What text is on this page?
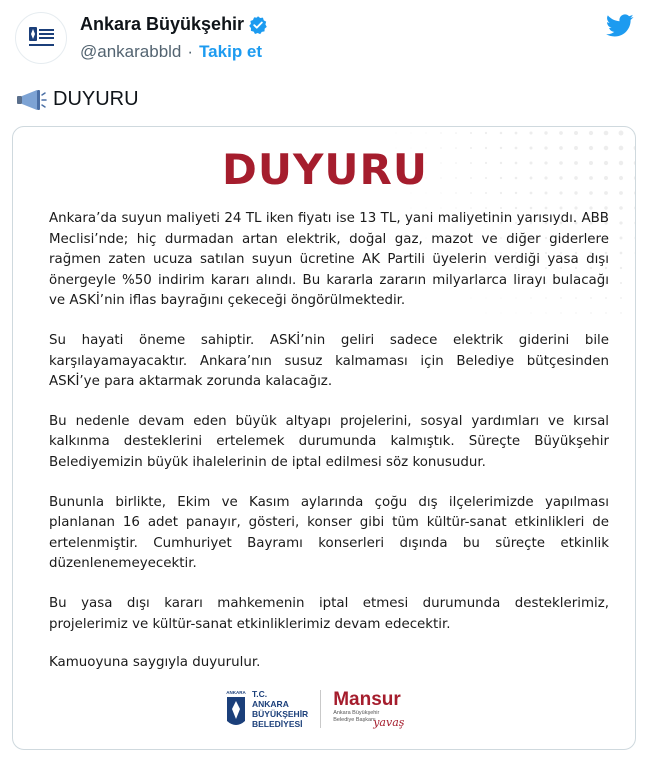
Ankara Büyükşehir
@ankarabbld · Takip et
DUYURU
DUYURU

Ankara’da suyun maliyeti 24 TL iken fiyatı ise 13 TL, yani maliyetinin yarısıydı. ABB Meclisi’nde; hiç durmadan artan elektrik, doğal gaz, mazot ve diğer giderlere rağmen zaten ucuza satılan suyun ücretine AK Partili üyelerin verdiği yasa dışı önergeyle %50 indirim kararı alındı. Bu kararla zararın milyarlarca lirayı bulacağı ve ASKİ’nin iflas bayrağını çekeceği öngörülmektedir.

Su hayati öneme sahiptir. ASKİ’nin geliri sadece elektrik giderini bile karşılayamayacaktır. Ankara’nın susuz kalmaması için Belediye bütçesinden ASKİ’ye para aktarmak zorunda kalacağız.

Bu nedenle devam eden büyük altyapı projelerini, sosyal yardımları ve kırsal kalkınma desteklerini ertelemek durumunda kalmıştık. Süreçte Büyükşehir Belediyemizin büyük ihalelerinin de iptal edilmesi söz konusudur.

Bununla birlikte, Ekim ve Kasım aylarında çoğu dış ilçelerimizde yapılması planlanan 16 adet panayır, gösteri, konser gibi tüm kültür-sanat etkinlikleri de ertelenmiştir. Cumhuriyet Bayramı konserleri dışında bu süreçte etkinlik düzenlenemeyecektir.

Bu yasa dışı kararı mahkemenin iptal etmesi durumunda desteklerimiz, projelerimiz ve kültür-sanat etkinliklerimiz devam edecektir.

Kamuoyuna saygıyla duyurulur.
ANKARA T.C.
ANKARA
BÜYÜKŞEHİR
BELEDİYESİ
Mansur
Ankara Büyükşehir
Belediye Başkanı
yavaş
